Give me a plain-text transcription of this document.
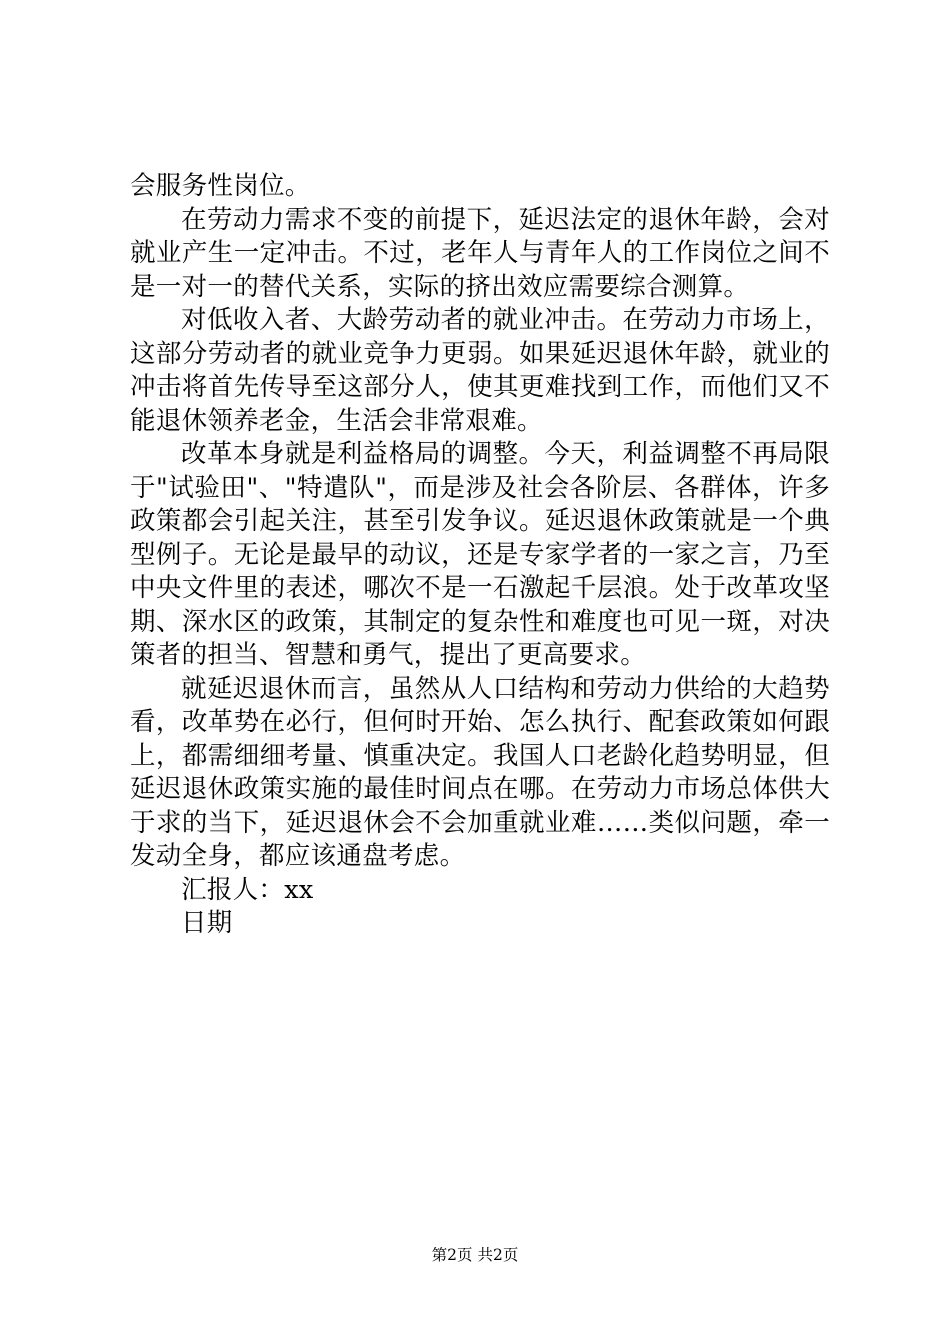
会服务性岗位。

在劳动力需求不变的前提下，延迟法定的退休年龄，会对就业产生一定冲击。不过，老年人与青年人的工作岗位之间不是一对一的替代关系，实际的挤出效应需要综合测算。

对低收入者、大龄劳动者的就业冲击。在劳动力市场上，这部分劳动者的就业竞争力更弱。如果延迟退休年龄，就业的冲击将首先传导至这部分人，使其更难找到工作，而他们又不能退休领养老金，生活会非常艰难。

改革本身就是利益格局的调整。今天，利益调整不再局限于"试验田"、"特遣队"，而是涉及社会各阶层、各群体，许多政策都会引起关注，甚至引发争议。延迟退休政策就是一个典型例子。无论是最早的动议，还是专家学者的一家之言，乃至中央文件里的表述，哪次不是一石激起千层浪。处于改革攻坚期、深水区的政策，其制定的复杂性和难度也可见一斑，对决策者的担当、智慧和勇气，提出了更高要求。

就延迟退休而言，虽然从人口结构和劳动力供给的大趋势看，改革势在必行，但何时开始、怎么执行、配套政策如何跟上，都需细细考量、慎重决定。我国人口老龄化趋势明显，但延迟退休政策实施的最佳时间点在哪。在劳动力市场总体供大于求的当下，延迟退休会不会加重就业难……类似问题，牵一发动全身，都应该通盘考虑。

汇报人：xx

日期

第2页 共2页
